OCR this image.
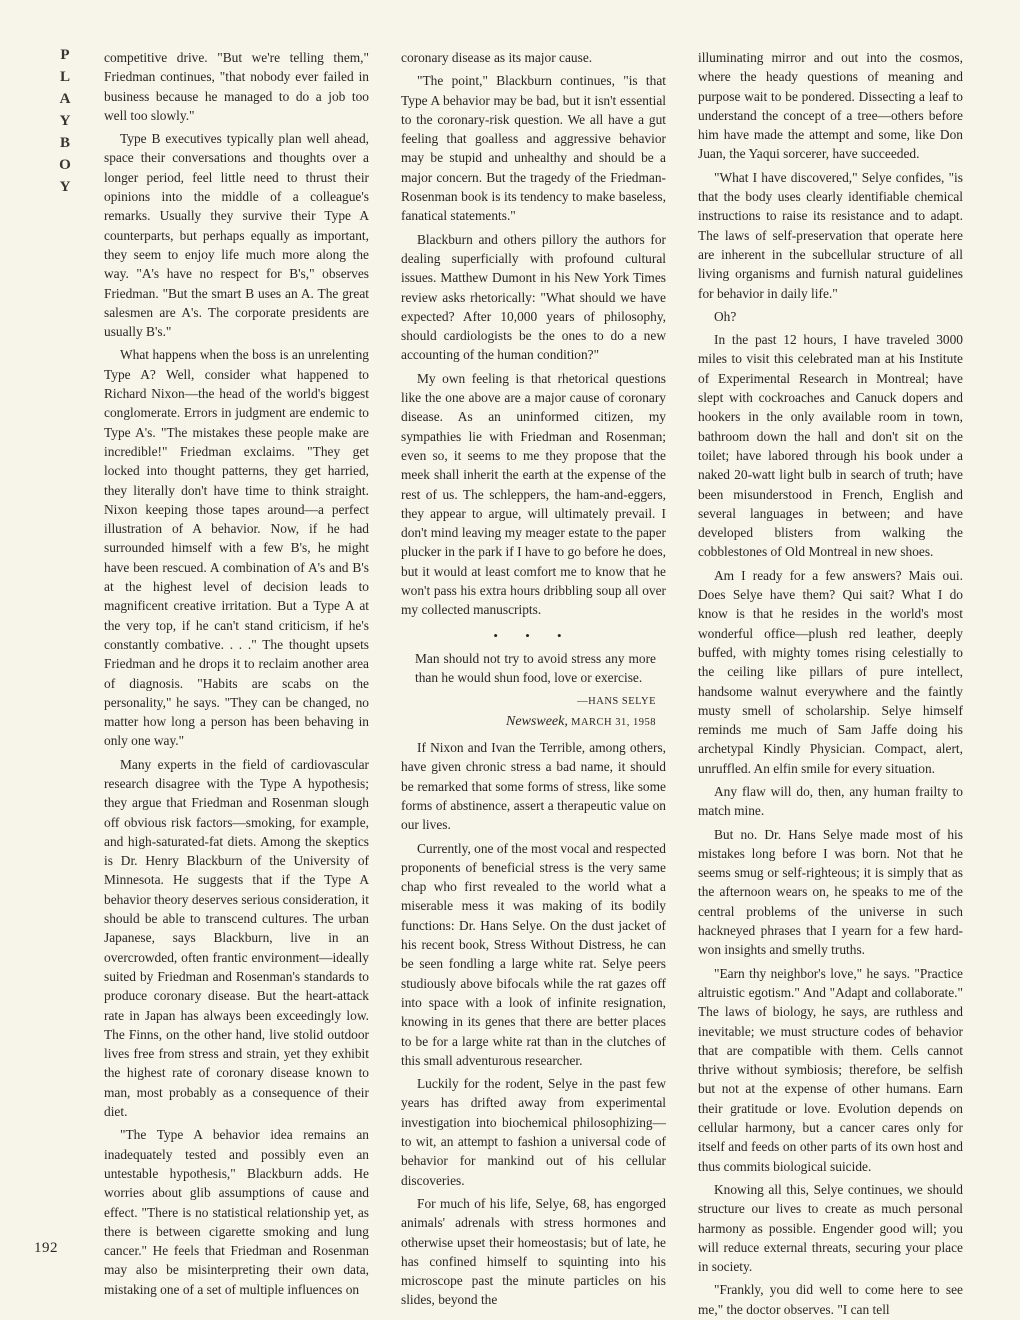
P
L
A
Y
B
O
Y
192

competitive drive. "But we're telling them," Friedman continues, "that nobody ever failed in business because he managed to do a job too well too slowly."

Type B executives typically plan well ahead, space their conversations and thoughts over a longer period, feel little need to thrust their opinions into the middle of a colleague's remarks. Usually they survive their Type A counterparts, but perhaps equally as important, they seem to enjoy life much more along the way. "A's have no respect for B's," observes Friedman. "But the smart B uses an A. The great salesmen are A's. The corporate presidents are usually B's."

What happens when the boss is an unrelenting Type A? Well, consider what happened to Richard Nixon—the head of the world's biggest conglomerate. Errors in judgment are endemic to Type A's. "The mistakes these people make are incredible!" Friedman exclaims. "They get locked into thought patterns, they get harried, they literally don't have time to think straight. Nixon keeping those tapes around—a perfect illustration of A behavior. Now, if he had surrounded himself with a few B's, he might have been rescued. A combination of A's and B's at the highest level of decision leads to magnificent creative irritation. But a Type A at the very top, if he can't stand criticism, if he's constantly combative. . . ." The thought upsets Friedman and he drops it to reclaim another area of diagnosis. "Habits are scabs on the personality," he says. "They can be changed, no matter how long a person has been behaving in only one way."

Many experts in the field of cardiovascular research disagree with the Type A hypothesis; they argue that Friedman and Rosenman slough off obvious risk factors—smoking, for example, and high-saturated-fat diets. Among the skeptics is Dr. Henry Blackburn of the University of Minnesota. He suggests that if the Type A behavior theory deserves serious consideration, it should be able to transcend cultures. The urban Japanese, says Blackburn, live in an overcrowded, often frantic environment—ideally suited by Friedman and Rosenman's standards to produce coronary disease. But the heart-attack rate in Japan has always been exceedingly low. The Finns, on the other hand, live stolid outdoor lives free from stress and strain, yet they exhibit the highest rate of coronary disease known to man, most probably as a consequence of their diet.

"The Type A behavior idea remains an inadequately tested and possibly even an untestable hypothesis," Blackburn adds. He worries about glib assumptions of cause and effect. "There is no statistical relationship yet, as there is between cigarette smoking and lung cancer." He feels that Friedman and Rosenman may also be misinterpreting their own data, mistaking one of a set of multiple influences on

coronary disease as its major cause.

"The point," Blackburn continues, "is that Type A behavior may be bad, but it isn't essential to the coronary-risk question. We all have a gut feeling that goalless and aggressive behavior may be stupid and unhealthy and should be a major concern. But the tragedy of the Friedman-Rosenman book is its tendency to make baseless, fanatical statements."

Blackburn and others pillory the authors for dealing superficially with profound cultural issues. Matthew Dumont in his New York Times review asks rhetorically: "What should we have expected? After 10,000 years of philosophy, should cardiologists be the ones to do a new accounting of the human condition?"

My own feeling is that rhetorical questions like the one above are a major cause of coronary disease. As an uninformed citizen, my sympathies lie with Friedman and Rosenman; even so, it seems to me they propose that the meek shall inherit the earth at the expense of the rest of us. The schleppers, the ham-and-eggers, they appear to argue, will ultimately prevail. I don't mind leaving my meager estate to the paper plucker in the park if I have to go before he does, but it would at least comfort me to know that he won't pass his extra hours dribbling soup all over my collected manuscripts.

• • •

Man should not try to avoid stress any more than he would shun food, love or exercise.

—HANS SELYE
Newsweek, MARCH 31, 1958

If Nixon and Ivan the Terrible, among others, have given chronic stress a bad name, it should be remarked that some forms of stress, like some forms of abstinence, assert a therapeutic value on our lives.

Currently, one of the most vocal and respected proponents of beneficial stress is the very same chap who first revealed to the world what a miserable mess it was making of its bodily functions: Dr. Hans Selye. On the dust jacket of his recent book, Stress Without Distress, he can be seen fondling a large white rat. Selye peers studiously above bifocals while the rat gazes off into space with a look of infinite resignation, knowing in its genes that there are better places to be for a large white rat than in the clutches of this small adventurous researcher.

Luckily for the rodent, Selye in the past few years has drifted away from experimental investigation into biochemical philosophizing—to wit, an attempt to fashion a universal code of behavior for mankind out of his cellular discoveries.

For much of his life, Selye, 68, has engorged animals' adrenals with stress hormones and otherwise upset their homeostasis; but of late, he has confined himself to squinting into his microscope past the minute particles on his slides, beyond the

illuminating mirror and out into the cosmos, where the heady questions of meaning and purpose wait to be pondered. Dissecting a leaf to understand the concept of a tree—others before him have made the attempt and some, like Don Juan, the Yaqui sorcerer, have succeeded.

"What I have discovered," Selye confides, "is that the body uses clearly identifiable chemical instructions to raise its resistance and to adapt. The laws of self-preservation that operate here are inherent in the subcellular structure of all living organisms and furnish natural guidelines for behavior in daily life."

Oh?

In the past 12 hours, I have traveled 3000 miles to visit this celebrated man at his Institute of Experimental Research in Montreal; have slept with cockroaches and Canuck dopers and hookers in the only available room in town, bathroom down the hall and don't sit on the toilet; have labored through his book under a naked 20-watt light bulb in search of truth; have been misunderstood in French, English and several languages in between; and have developed blisters from walking the cobblestones of Old Montreal in new shoes.

Am I ready for a few answers? Mais oui. Does Selye have them? Qui sait? What I do know is that he resides in the world's most wonderful office—plush red leather, deeply buffed, with mighty tomes rising celestially to the ceiling like pillars of pure intellect, handsome walnut everywhere and the faintly musty smell of scholarship. Selye himself reminds me much of Sam Jaffe doing his archetypal Kindly Physician. Compact, alert, unruffled. An elfin smile for every situation.

Any flaw will do, then, any human frailty to match mine.

But no. Dr. Hans Selye made most of his mistakes long before I was born. Not that he seems smug or self-righteous; it is simply that as the afternoon wears on, he speaks to me of the central problems of the universe in such hackneyed phrases that I yearn for a few hard-won insights and smelly truths.

"Earn thy neighbor's love," he says. "Practice altruistic egotism." And "Adapt and collaborate." The laws of biology, he says, are ruthless and inevitable; we must structure codes of behavior that are compatible with them. Cells cannot thrive without symbiosis; therefore, be selfish but not at the expense of other humans. Earn their gratitude or love. Evolution depends on cellular harmony, but a cancer cares only for itself and feeds on other parts of its own host and thus commits biological suicide.

Knowing all this, Selye continues, we should structure our lives to create as much personal harmony as possible. Engender good will; you will reduce external threats, securing your place in society.

"Frankly, you did well to come here to see me," the doctor observes. "I can tell
